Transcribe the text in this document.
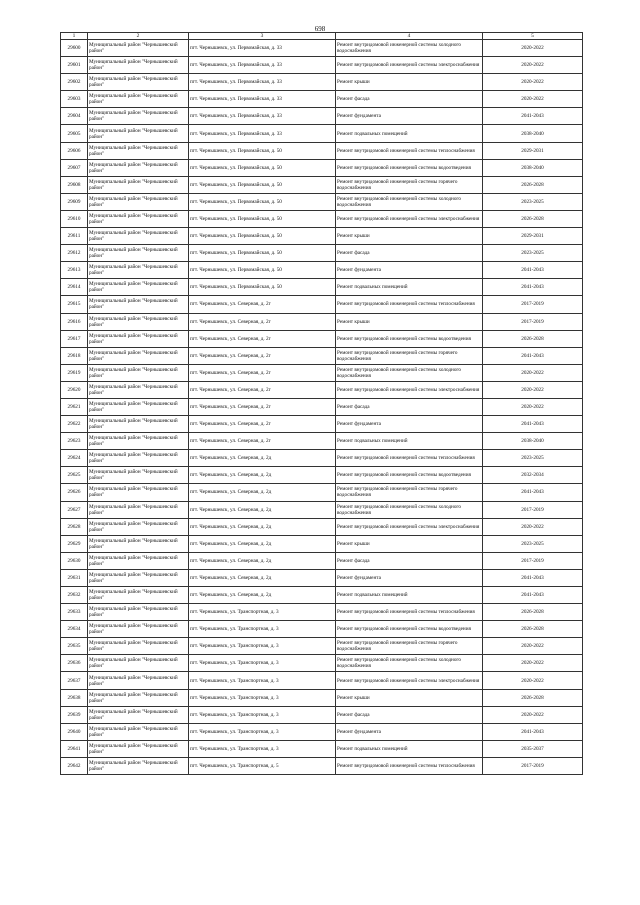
698
1	2	3	4	5
29600	Муниципальный район "Чернышевский район"	пгт. Чернышевск, ул. Первомайская, д. 33	Ремонт внутридомовой инженерной системы холодного водоснабжения	2020-2022
29601	Муниципальный район "Чернышевский район"	пгт. Чернышевск, ул. Первомайская, д. 33	Ремонт внутридомовой инженерной системы электроснабжения	2020-2022
29602	Муниципальный район "Чернышевский район"	пгт. Чернышевск, ул. Первомайская, д. 33	Ремонт крыши	2020-2022
29603	Муниципальный район "Чернышевский район"	пгт. Чернышевск, ул. Первомайская, д. 33	Ремонт фасада	2020-2022
29604	Муниципальный район "Чернышевский район"	пгт. Чернышевск, ул. Первомайская, д. 33	Ремонт фундамента	2041-2043
29605	Муниципальный район "Чернышевский район"	пгт. Чернышевск, ул. Первомайская, д. 33	Ремонт подвальных помещений	2038-2040
29606	Муниципальный район "Чернышевский район"	пгт. Чернышевск, ул. Первомайская, д. 50	Ремонт внутридомовой инженерной системы теплоснабжения	2029-2031
29607	Муниципальный район "Чернышевский район"	пгт. Чернышевск, ул. Первомайская, д. 50	Ремонт внутридомовой инженерной системы водоотведения	2038-2040
29608	Муниципальный район "Чернышевский район"	пгт. Чернышевск, ул. Первомайская, д. 50	Ремонт внутридомовой инженерной системы горячего водоснабжения	2026-2028
29609	Муниципальный район "Чернышевский район"	пгт. Чернышевск, ул. Первомайская, д. 50	Ремонт внутридомовой инженерной системы холодного водоснабжения	2023-2025
29610	Муниципальный район "Чернышевский район"	пгт. Чернышевск, ул. Первомайская, д. 50	Ремонт внутридомовой инженерной системы электроснабжения	2026-2028
29611	Муниципальный район "Чернышевский район"	пгт. Чернышевск, ул. Первомайская, д. 50	Ремонт крыши	2029-2031
29612	Муниципальный район "Чернышевский район"	пгт. Чернышевск, ул. Первомайская, д. 50	Ремонт фасада	2023-2025
29613	Муниципальный район "Чернышевский район"	пгт. Чернышевск, ул. Первомайская, д. 50	Ремонт фундамента	2041-2043
29614	Муниципальный район "Чернышевский район"	пгт. Чернышевск, ул. Первомайская, д. 50	Ремонт подвальных помещений	2041-2043
29615	Муниципальный район "Чернышевский район"	пгт. Чернышевск, ул. Северная, д. 2г	Ремонт внутридомовой инженерной системы теплоснабжения	2017-2019
29616	Муниципальный район "Чернышевский район"	пгт. Чернышевск, ул. Северная, д. 2г	Ремонт крыши	2017-2019
29617	Муниципальный район "Чернышевский район"	пгт. Чернышевск, ул. Северная, д. 2г	Ремонт внутридомовой инженерной системы водоотведения	2026-2028
29618	Муниципальный район "Чернышевский район"	пгт. Чернышевск, ул. Северная, д. 2г	Ремонт внутридомовой инженерной системы горячего водоснабжения	2041-2043
29619	Муниципальный район "Чернышевский район"	пгт. Чернышевск, ул. Северная, д. 2г	Ремонт внутридомовой инженерной системы холодного водоснабжения	2020-2022
29620	Муниципальный район "Чернышевский район"	пгт. Чернышевск, ул. Северная, д. 2г	Ремонт внутридомовой инженерной системы электроснабжения	2020-2022
29621	Муниципальный район "Чернышевский район"	пгт. Чернышевск, ул. Северная, д. 2г	Ремонт фасада	2020-2022
29622	Муниципальный район "Чернышевский район"	пгт. Чернышевск, ул. Северная, д. 2г	Ремонт фундамента	2041-2043
29623	Муниципальный район "Чернышевский район"	пгт. Чернышевск, ул. Северная, д. 2г	Ремонт подвальных помещений	2038-2040
29624	Муниципальный район "Чернышевский район"	пгт. Чернышевск, ул. Северная, д. 2д	Ремонт внутридомовой инженерной системы теплоснабжения	2023-2025
29625	Муниципальный район "Чернышевский район"	пгт. Чернышевск, ул. Северная, д. 2д	Ремонт внутридомовой инженерной системы водоотведения	2032-2034
29626	Муниципальный район "Чернышевский район"	пгт. Чернышевск, ул. Северная, д. 2д	Ремонт внутридомовой инженерной системы горячего водоснабжения	2041-2043
29627	Муниципальный район "Чернышевский район"	пгт. Чернышевск, ул. Северная, д. 2д	Ремонт внутридомовой инженерной системы холодного водоснабжения	2017-2019
29628	Муниципальный район "Чернышевский район"	пгт. Чернышевск, ул. Северная, д. 2д	Ремонт внутридомовой инженерной системы электроснабжения	2020-2022
29629	Муниципальный район "Чернышевский район"	пгт. Чернышевск, ул. Северная, д. 2д	Ремонт крыши	2023-2025
29630	Муниципальный район "Чернышевский район"	пгт. Чернышевск, ул. Северная, д. 2д	Ремонт фасада	2017-2019
29631	Муниципальный район "Чернышевский район"	пгт. Чернышевск, ул. Северная, д. 2д	Ремонт фундамента	2041-2043
29632	Муниципальный район "Чернышевский район"	пгт. Чернышевск, ул. Северная, д. 2д	Ремонт подвальных помещений	2041-2043
29633	Муниципальный район "Чернышевский район"	пгт. Чернышевск, ул. Транспортная, д. 3	Ремонт внутридомовой инженерной системы теплоснабжения	2026-2028
29634	Муниципальный район "Чернышевский район"	пгт. Чернышевск, ул. Транспортная, д. 3	Ремонт внутридомовой инженерной системы водоотведения	2026-2028
29635	Муниципальный район "Чернышевский район"	пгт. Чернышевск, ул. Транспортная, д. 3	Ремонт внутридомовой инженерной системы горячего водоснабжения	2020-2022
29636	Муниципальный район "Чернышевский район"	пгт. Чернышевск, ул. Транспортная, д. 3	Ремонт внутридомовой инженерной системы холодного водоснабжения	2020-2022
29637	Муниципальный район "Чернышевский район"	пгт. Чернышевск, ул. Транспортная, д. 3	Ремонт внутридомовой инженерной системы электроснабжения	2020-2022
29638	Муниципальный район "Чернышевский район"	пгт. Чернышевск, ул. Транспортная, д. 3	Ремонт крыши	2026-2028
29639	Муниципальный район "Чернышевский район"	пгт. Чернышевск, ул. Транспортная, д. 3	Ремонт фасада	2020-2022
29640	Муниципальный район "Чернышевский район"	пгт. Чернышевск, ул. Транспортная, д. 3	Ремонт фундамента	2041-2043
29641	Муниципальный район "Чернышевский район"	пгт. Чернышевск, ул. Транспортная, д. 3	Ремонт подвальных помещений	2035-2037
29642	Муниципальный район "Чернышевский район"	пгт. Чернышевск, ул. Транспортная, д. 5	Ремонт внутридомовой инженерной системы теплоснабжения	2017-2019
